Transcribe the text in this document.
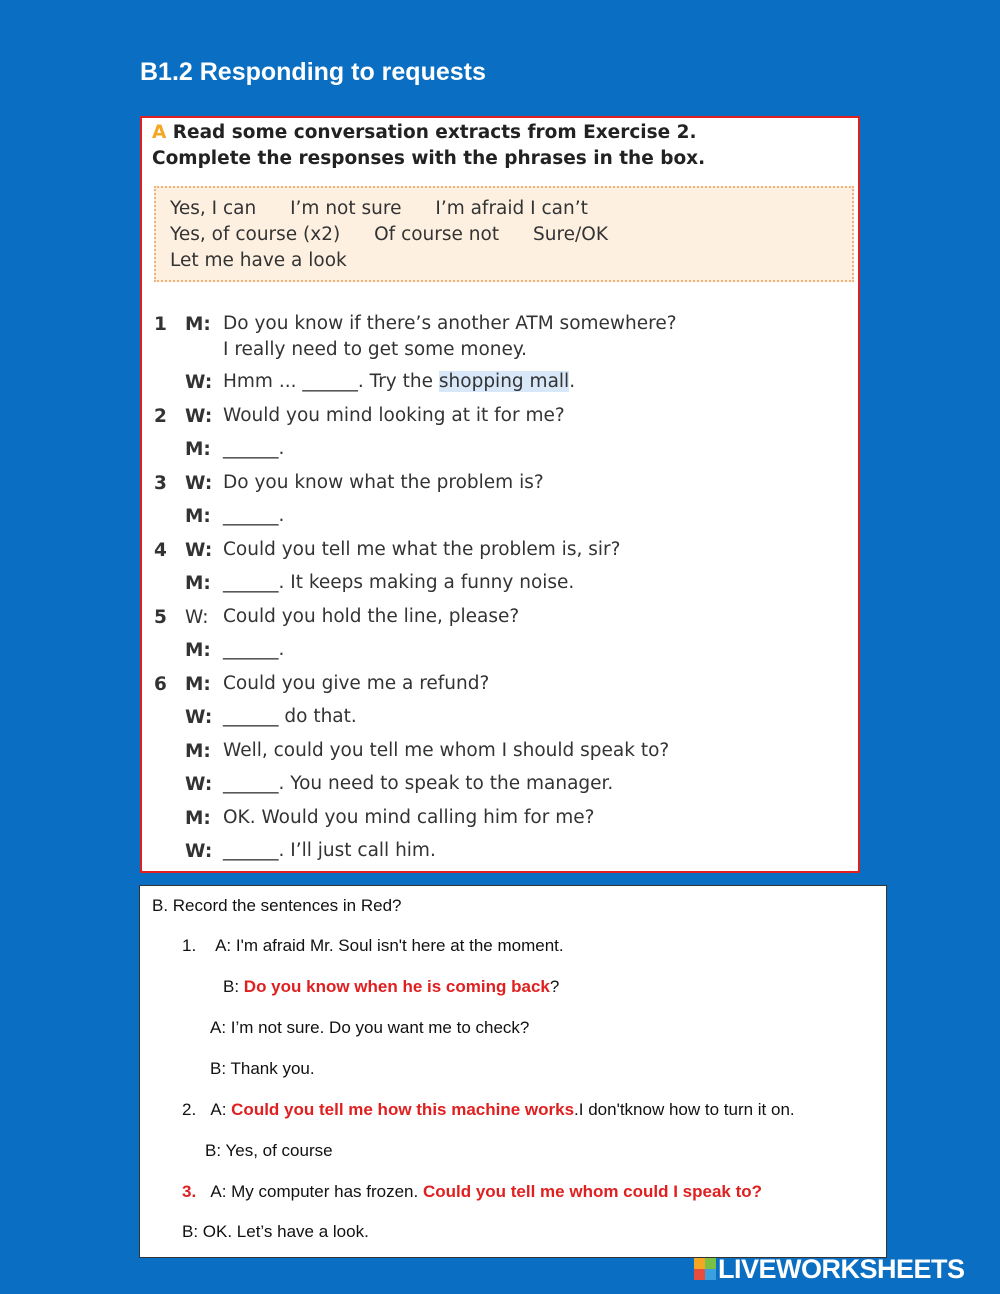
B1.2 Responding to requests
A Read some conversation extracts from Exercise 2.
Complete the responses with the phrases in the box.
Yes, I can I’m not sure I’m afraid I can’t
Yes, of course (x2) Of course not Sure/OK
Let me have a look
1 M: Do you know if there’s another ATM somewhere?
I really need to get some money.
W: Hmm ... ______. Try the shopping mall.
2 W: Would you mind looking at it for me?
M: ______.
3 W: Do you know what the problem is?
M: ______.
4 W: Could you tell me what the problem is, sir?
M: ______. It keeps making a funny noise.
5 W: Could you hold the line, please?
M: ______.
6 M: Could you give me a refund?
W: ______ do that.
M: Well, could you tell me whom I should speak to?
W: ______. You need to speak to the manager.
M: OK. Would you mind calling him for me?
W: ______. I’ll just call him.
B. Record the sentences in Red?
1. A: I'm afraid Mr. Soul isn't here at the moment.
B: Do you know when he is coming back?
A: I’m not sure. Do you want me to check?
B: Thank you.
2. A: Could you tell me how this machine works.I don'tknow how to turn it on.
B: Yes, of course
3. A: My computer has frozen. Could you tell me whom could I speak to?
B: OK. Let’s have a look.
LIVEWORKSHEETS
